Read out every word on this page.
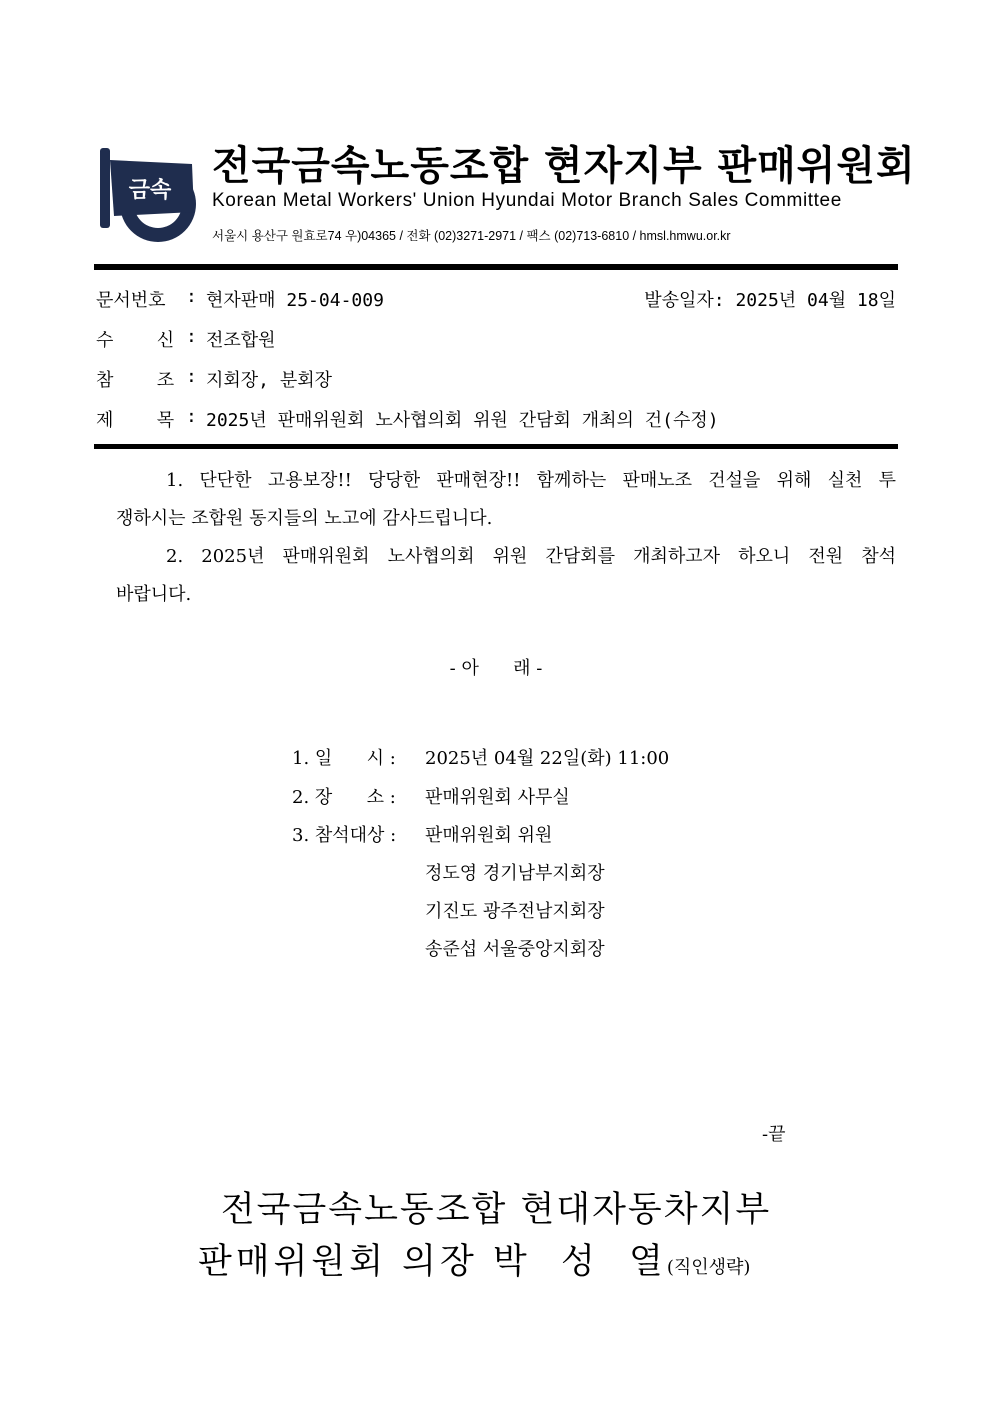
금속
전국금속노동조합 현자지부 판매위원회
Korean Metal Workers' Union Hyundai Motor Branch Sales Committee
서울시 용산구 원효로74 우)04365 / 전화 (02)3271-2971 / 팩스 (02)713-6810 / hmsl.hmwu.or.kr
문서번호 : 현자판매 25-04-009	발송일자: 2025년 04월 18일
수    신 : 전조합원
참    조 : 지회장, 분회장
제    목 : 2025년 판매위원회 노사협의회 위원 간담회 개최의 건(수정)

1. 단단한 고용보장!! 당당한 판매현장!! 함께하는 판매노조 건설을 위해 실천 투

쟁하시는 조합원 동지들의 노고에 감사드립니다.

2. 2025년 판매위원회 노사협의회 위원 간담회를 개최하고자 하오니 전원 참석

바랍니다.

- 아      래 -
1. 일      시 : 2025년 04월 22일(화) 11:00
2. 장      소 : 판매위원회 사무실
3. 참석대상 : 판매위원회 위원
정도영 경기남부지회장
기진도 광주전남지회장
송준섭 서울중앙지회장
-끝
전국금속노동조합 현대자동차지부
판매위원회 의장 박  성  열(직인생략)
